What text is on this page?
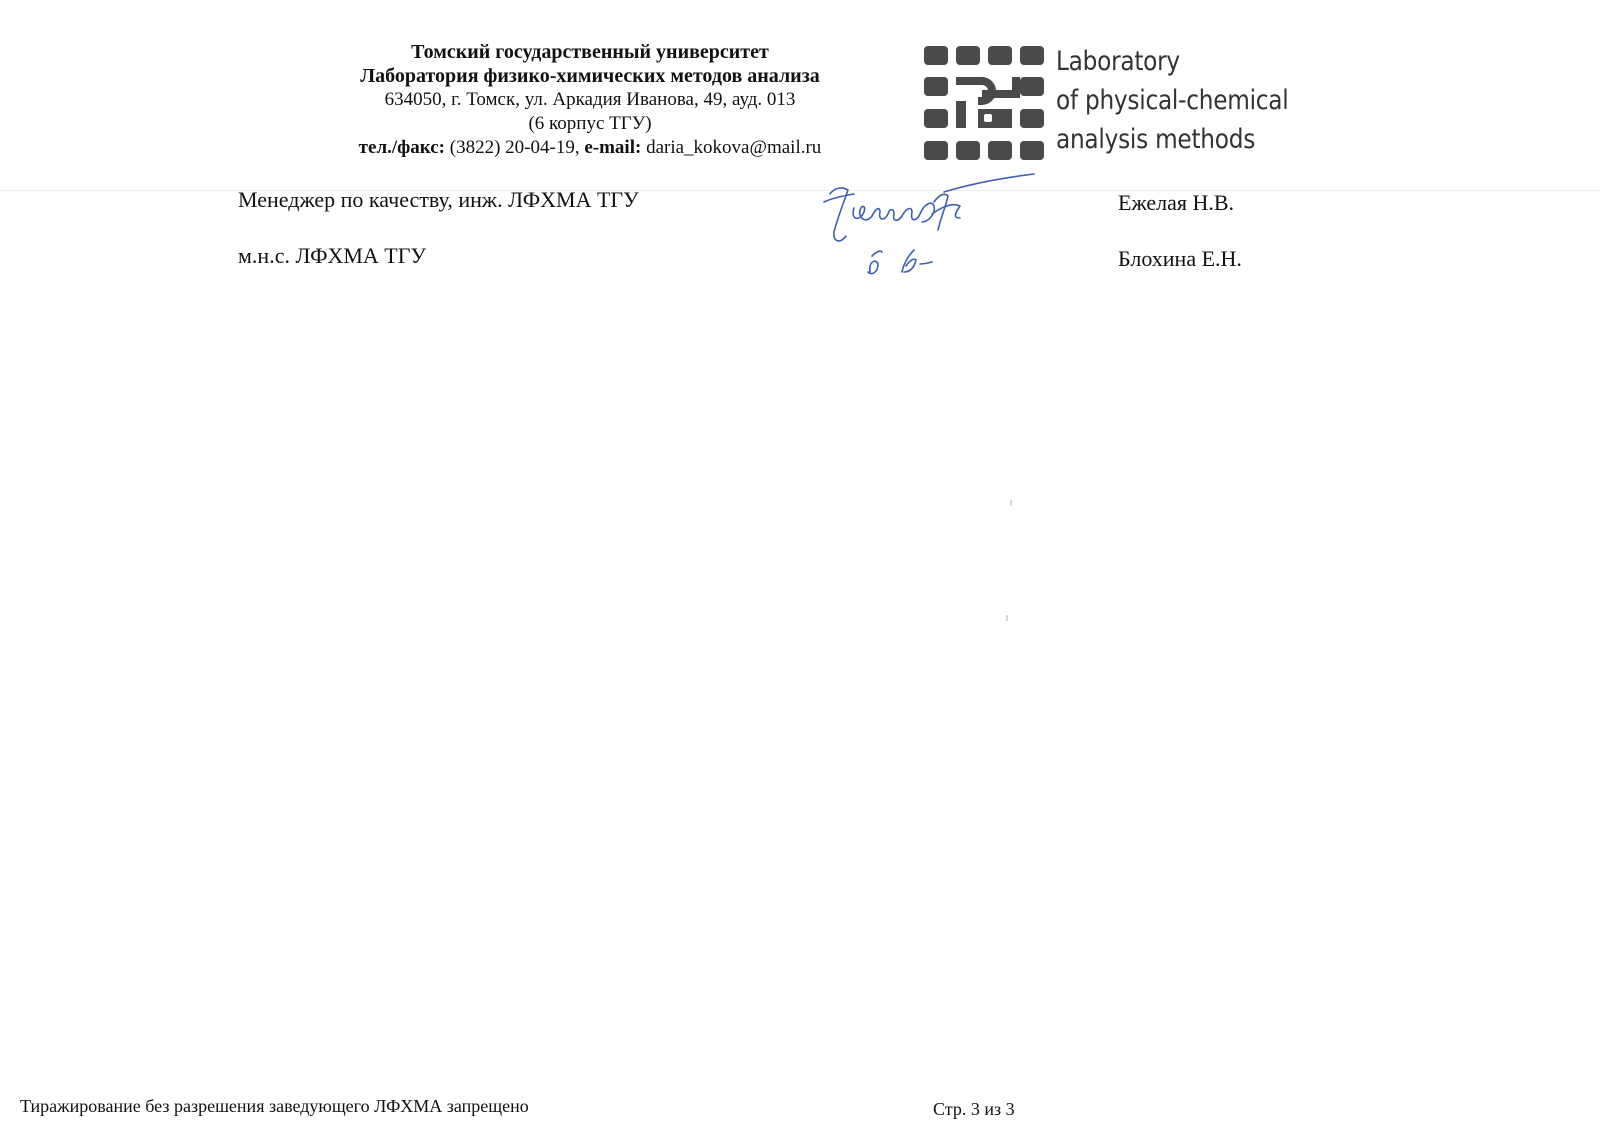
Томский государственный университет
Лаборатория физико-химических методов анализа
634050, г. Томск, ул. Аркадия Иванова, 49, ауд. 013
(6 корпус ТГУ)
тел./факс: (3822) 20-04-19, e-mail: daria_kokova@mail.ru
Laboratory
of physical-chemical
analysis methods
Менеджер по качеству, инж. ЛФХМА ТГУ	Ежелая Н.В.
м.н.с. ЛФХМА ТГУ	Блохина Е.Н.
Тиражирование без разрешения заведующего ЛФХМА запрещено	Стр. 3 из 3
